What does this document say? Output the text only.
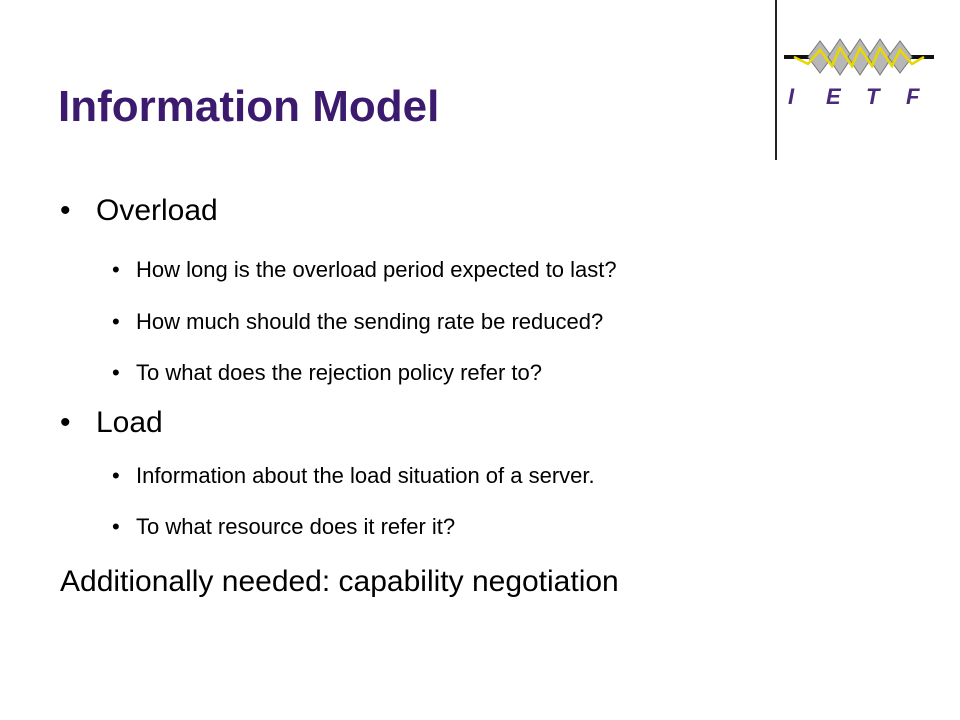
Information Model	I E T F
• Overload
• How long is the overload period expected to last?
• How much should the sending rate be reduced?
• To what does the rejection policy refer to?
• Load
• Information about the load situation of a server.
• To what resource does it refer it?
Additionally needed: capability negotiation
